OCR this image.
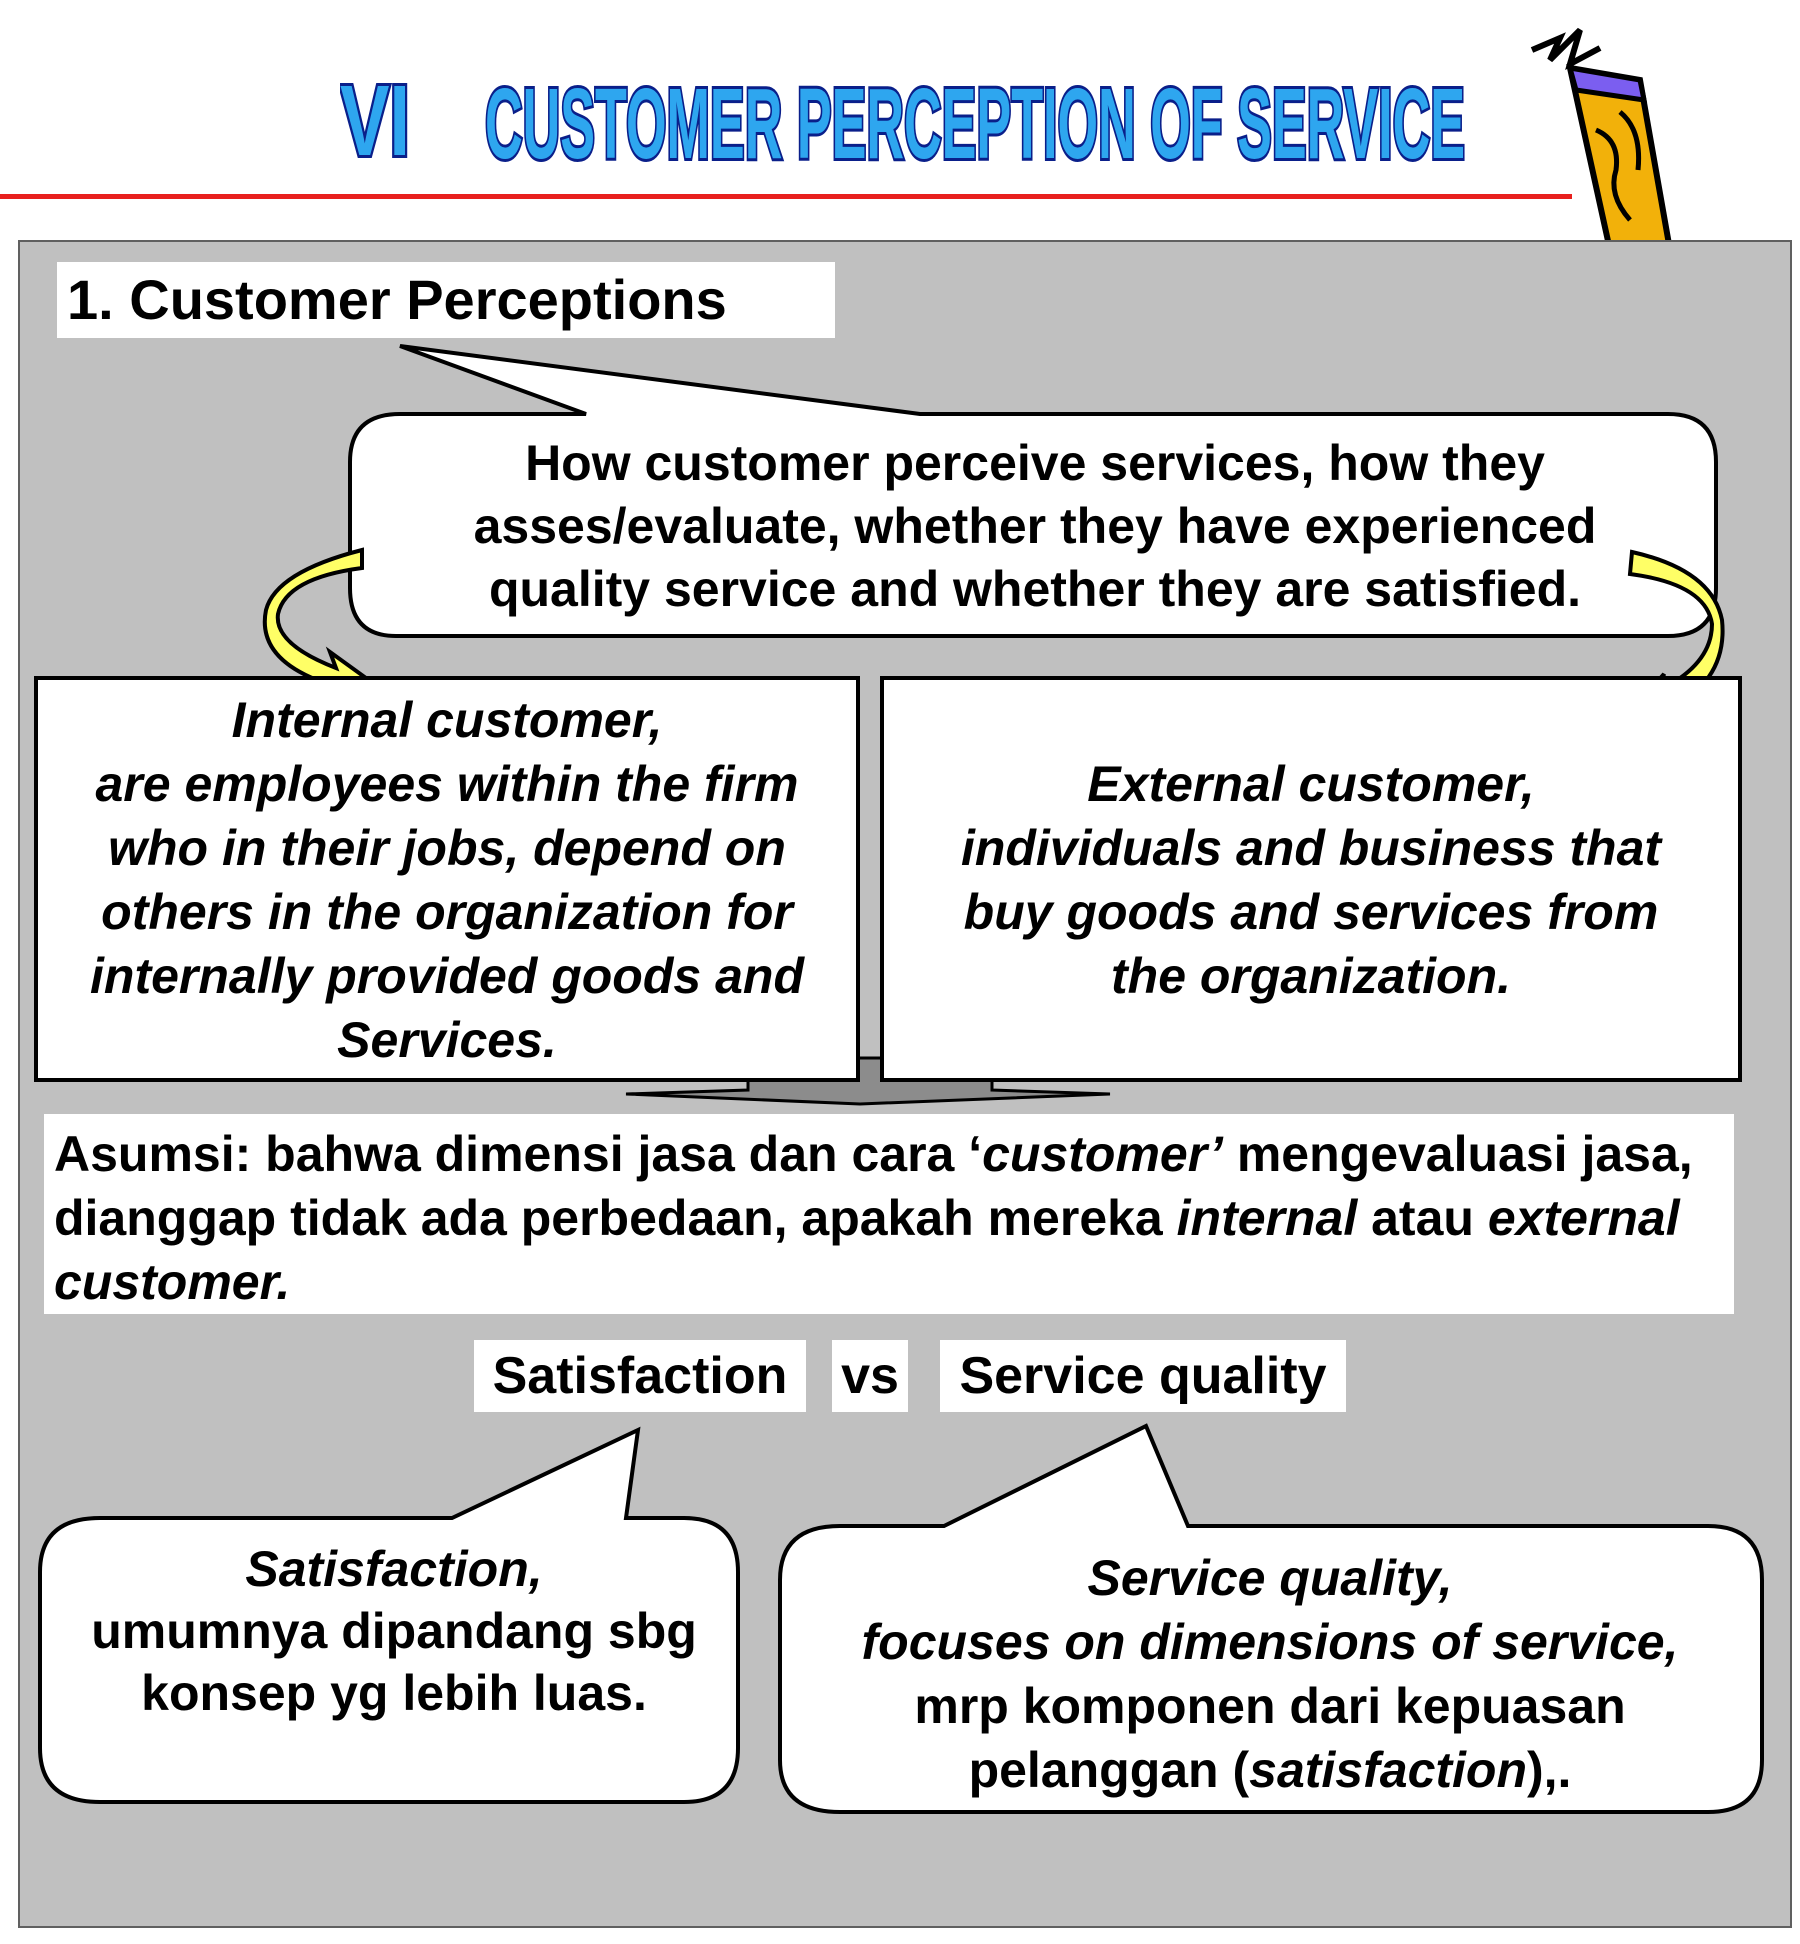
VI CUSTOMER PERCEPTION OF SERVICE
1. Customer Perceptions
How customer perceive services, how they
asses/evaluate, whether they have experienced
quality service and whether they are satisfied.
Internal customer,
are employees within the firm
who in their jobs, depend on
others in the organization for
internally provided goods and
Services.
External customer,
individuals and business that
buy goods and services from
the organization.
Asumsi: bahwa dimensi jasa dan cara ‘customer’ mengevaluasi jasa, dianggap tidak ada perbedaan, apakah mereka internal atau external customer.
Satisfaction	vs	Service quality
Satisfaction,
umumnya dipandang sbg
konsep yg lebih luas.
Service quality,
focuses on dimensions of service,
mrp komponen dari kepuasan
pelanggan (satisfaction),.
